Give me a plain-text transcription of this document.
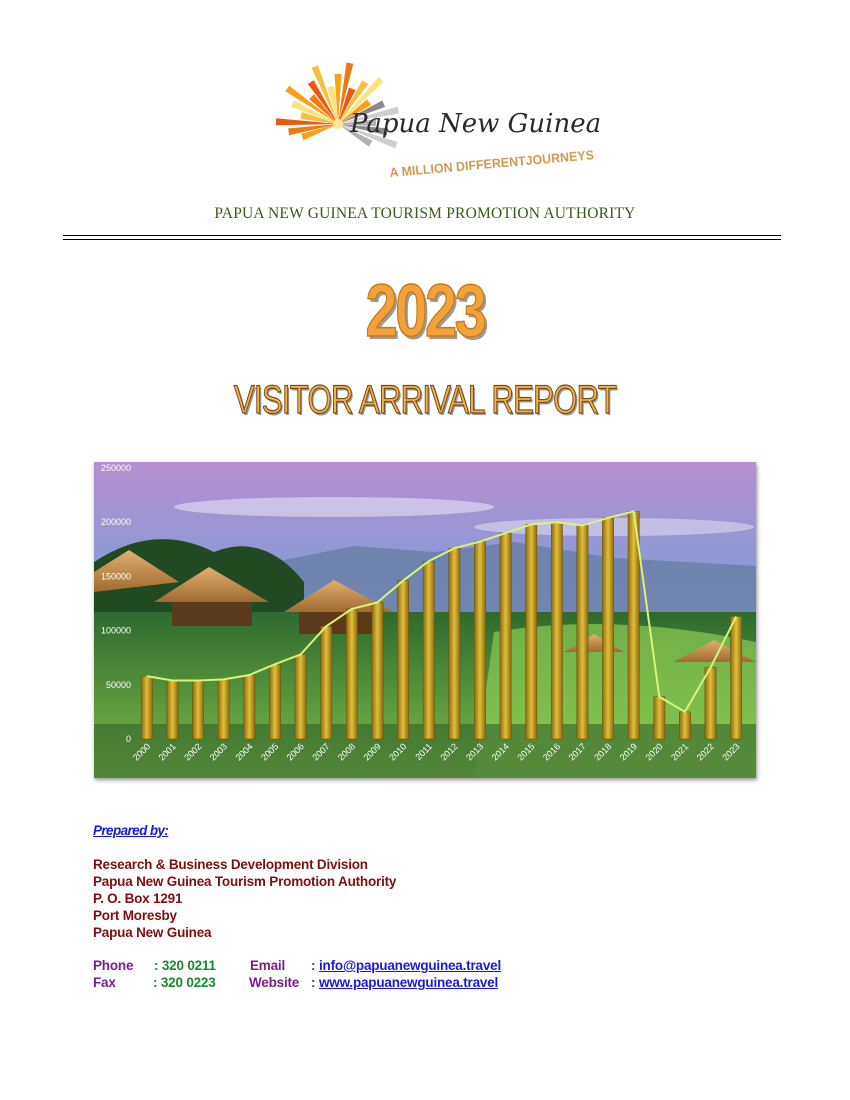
Papua New Guinea
A MILLION DIFFERENTJOURNEYS
PAPUA NEW GUINEA TOURISM PROMOTION AUTHORITY
2023
VISITOR ARRIVAL REPORT
0
50000
100000
150000
200000
250000
2000 2001 2002 2003 2004 2005 2006 2007 2008 2009 2010 2011 2012 2013 2014 2015 2016 2017 2018 2019 2020 2021 2022 2023
Prepared by:
Research & Business Development Division
Papua New Guinea Tourism Promotion Authority
P. O. Box 1291
Port Moresby
Papua New Guinea
Phone : 320 0211	Email : info@papuanewguinea.travel
Fax	: 320 0223 Website : www.papuanewguinea.travel
